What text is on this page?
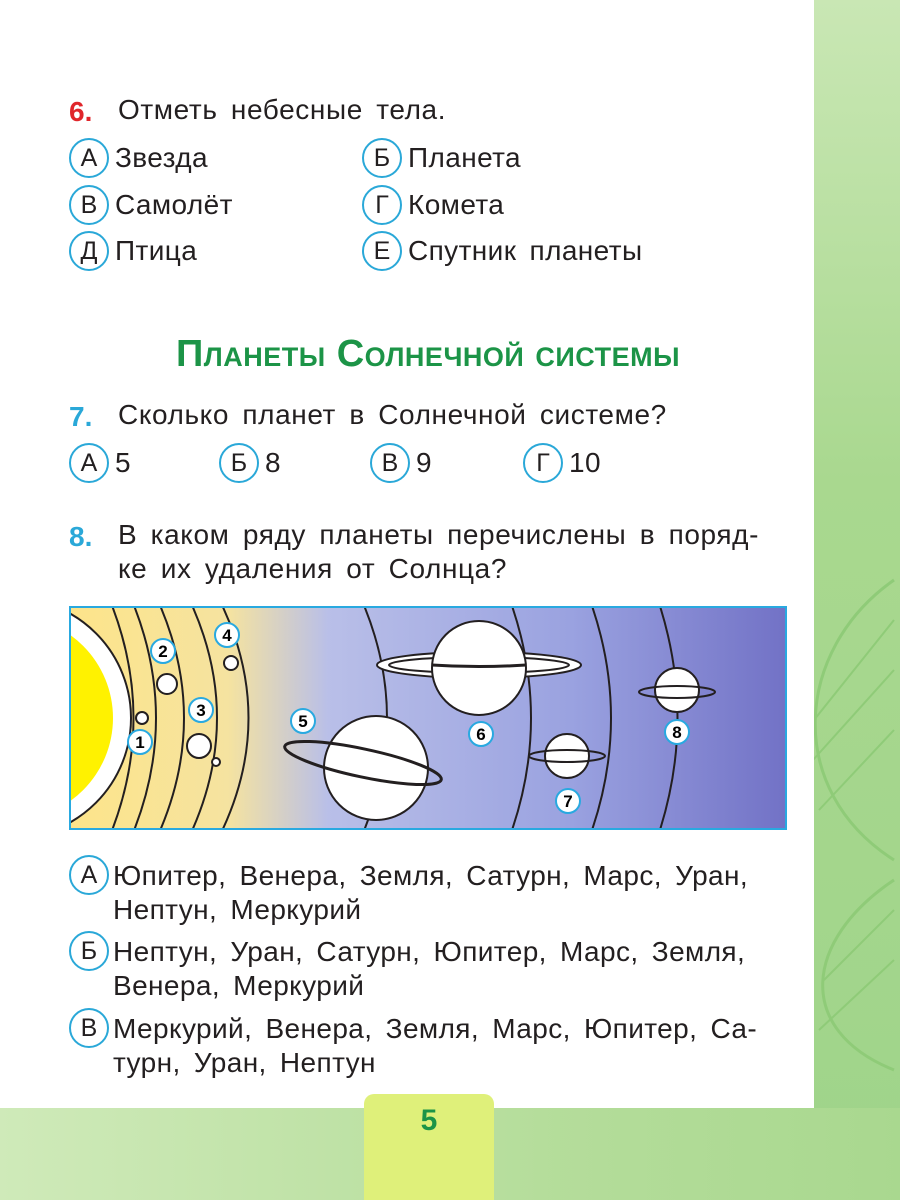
6. Отметь небесные тела.
А Звезда	Б Планета
В Самолёт	Г Комета
Д Птица	Е Спутник планеты
Планеты Солнечной системы
7. Сколько планет в Солнечной системе?
А 5	Б 8	В 9	Г 10
8. В каком ряду планеты перечислены в поряд-
ке их удаления от Солнца?
1
2
3
4
5
6
7
8
А Юпитер, Венера, Земля, Сатурн, Марс, Уран,
Нептун, Меркурий
Б Нептун, Уран, Сатурн, Юпитер, Марс, Земля,
Венера, Меркурий
В Меркурий, Венера, Земля, Марс, Юпитер, Са-
турн, Уран, Нептун
5
